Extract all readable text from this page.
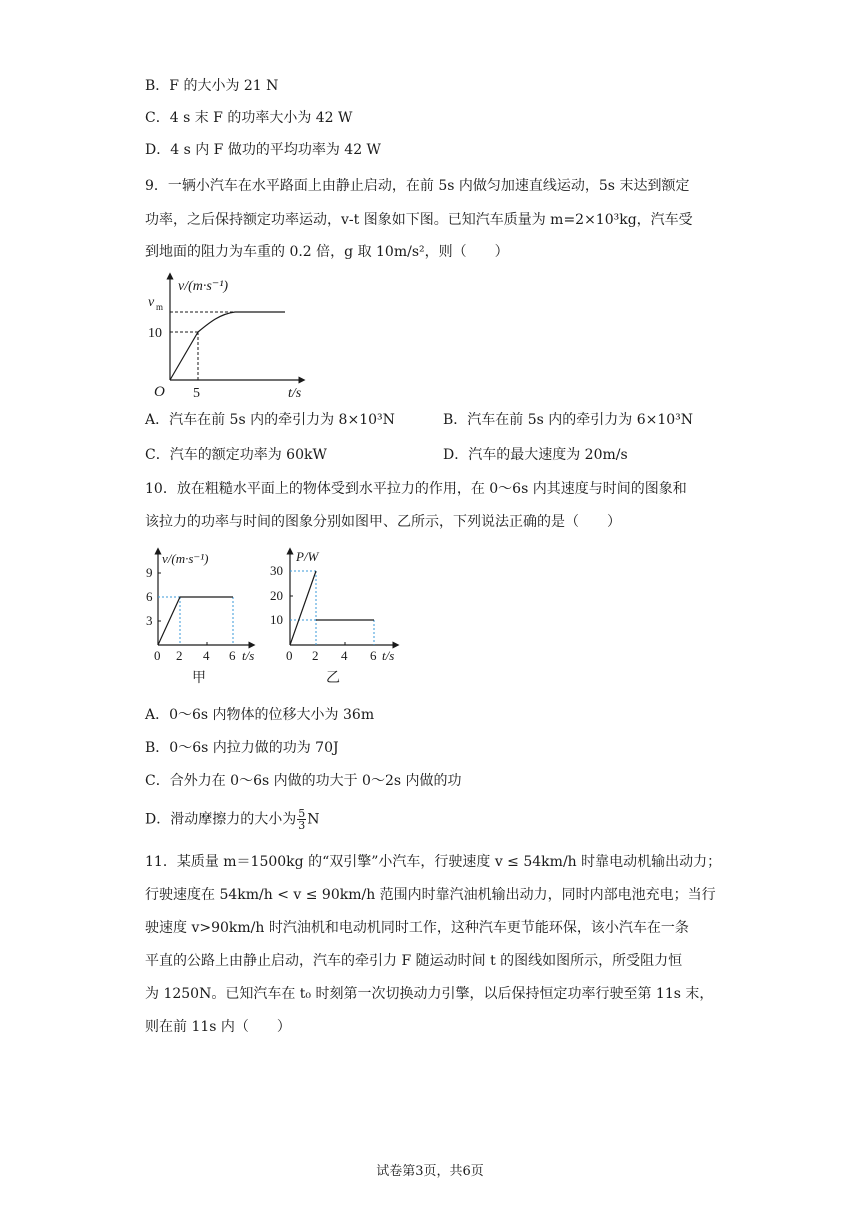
B．F 的大小为 21 N
C．4 s 末 F 的功率大小为 42 W
D．4 s 内 F 做功的平均功率为 42 W
9．一辆小汽车在水平路面上由静止启动，在前 5s 内做匀加速直线运动，5s 末达到额定
功率，之后保持额定功率运动，v-t 图象如下图。已知汽车质量为 m=2×10³kg，汽车受
到地面的阻力为车重的 0.2 倍，g 取 10m/s²，则（　　）
v/(m·s⁻¹)
v m
10
O 5	t/s
A．汽车在前 5s 内的牵引力为 8×10³N	B．汽车在前 5s 内的牵引力为 6×10³N
C．汽车的额定功率为 60kW	D．汽车的最大速度为 20m/s
10．放在粗糙水平面上的物体受到水平拉力的作用，在 0～6s 内其速度与时间的图象和
该拉力的功率与时间的图象分别如图甲、乙所示，下列说法正确的是（　　）
v/(m·s⁻¹)
9
6
3
0 2 4 6 t/s
甲
P/W
30
20
10
0 2 4 6 t/s
乙
A．0～6s 内物体的位移大小为 36m
B．0～6s 内拉力做的功为 70J
C．合外力在 0～6s 内做的功大于 0～2s 内做的功
D．滑动摩擦力的大小为 $\frac{5}{3}$ N
11．某质量 m＝1500kg 的“双引擎”小汽车，行驶速度 v ≤ 54km/h 时靠电动机输出动力；
行驶速度在 54km/h < v ≤ 90km/h 范围内时靠汽油机输出动力，同时内部电池充电；当行
驶速度 v>90km/h 时汽油机和电动机同时工作，这种汽车更节能环保，该小汽车在一条
平直的公路上由静止启动，汽车的牵引力 F 随运动时间 t 的图线如图所示，所受阻力恒
为 1250N。已知汽车在 t₀ 时刻第一次切换动力引擎，以后保持恒定功率行驶至第 11s 末，
则在前 11s 内（　　）
试卷第3页，共6页
